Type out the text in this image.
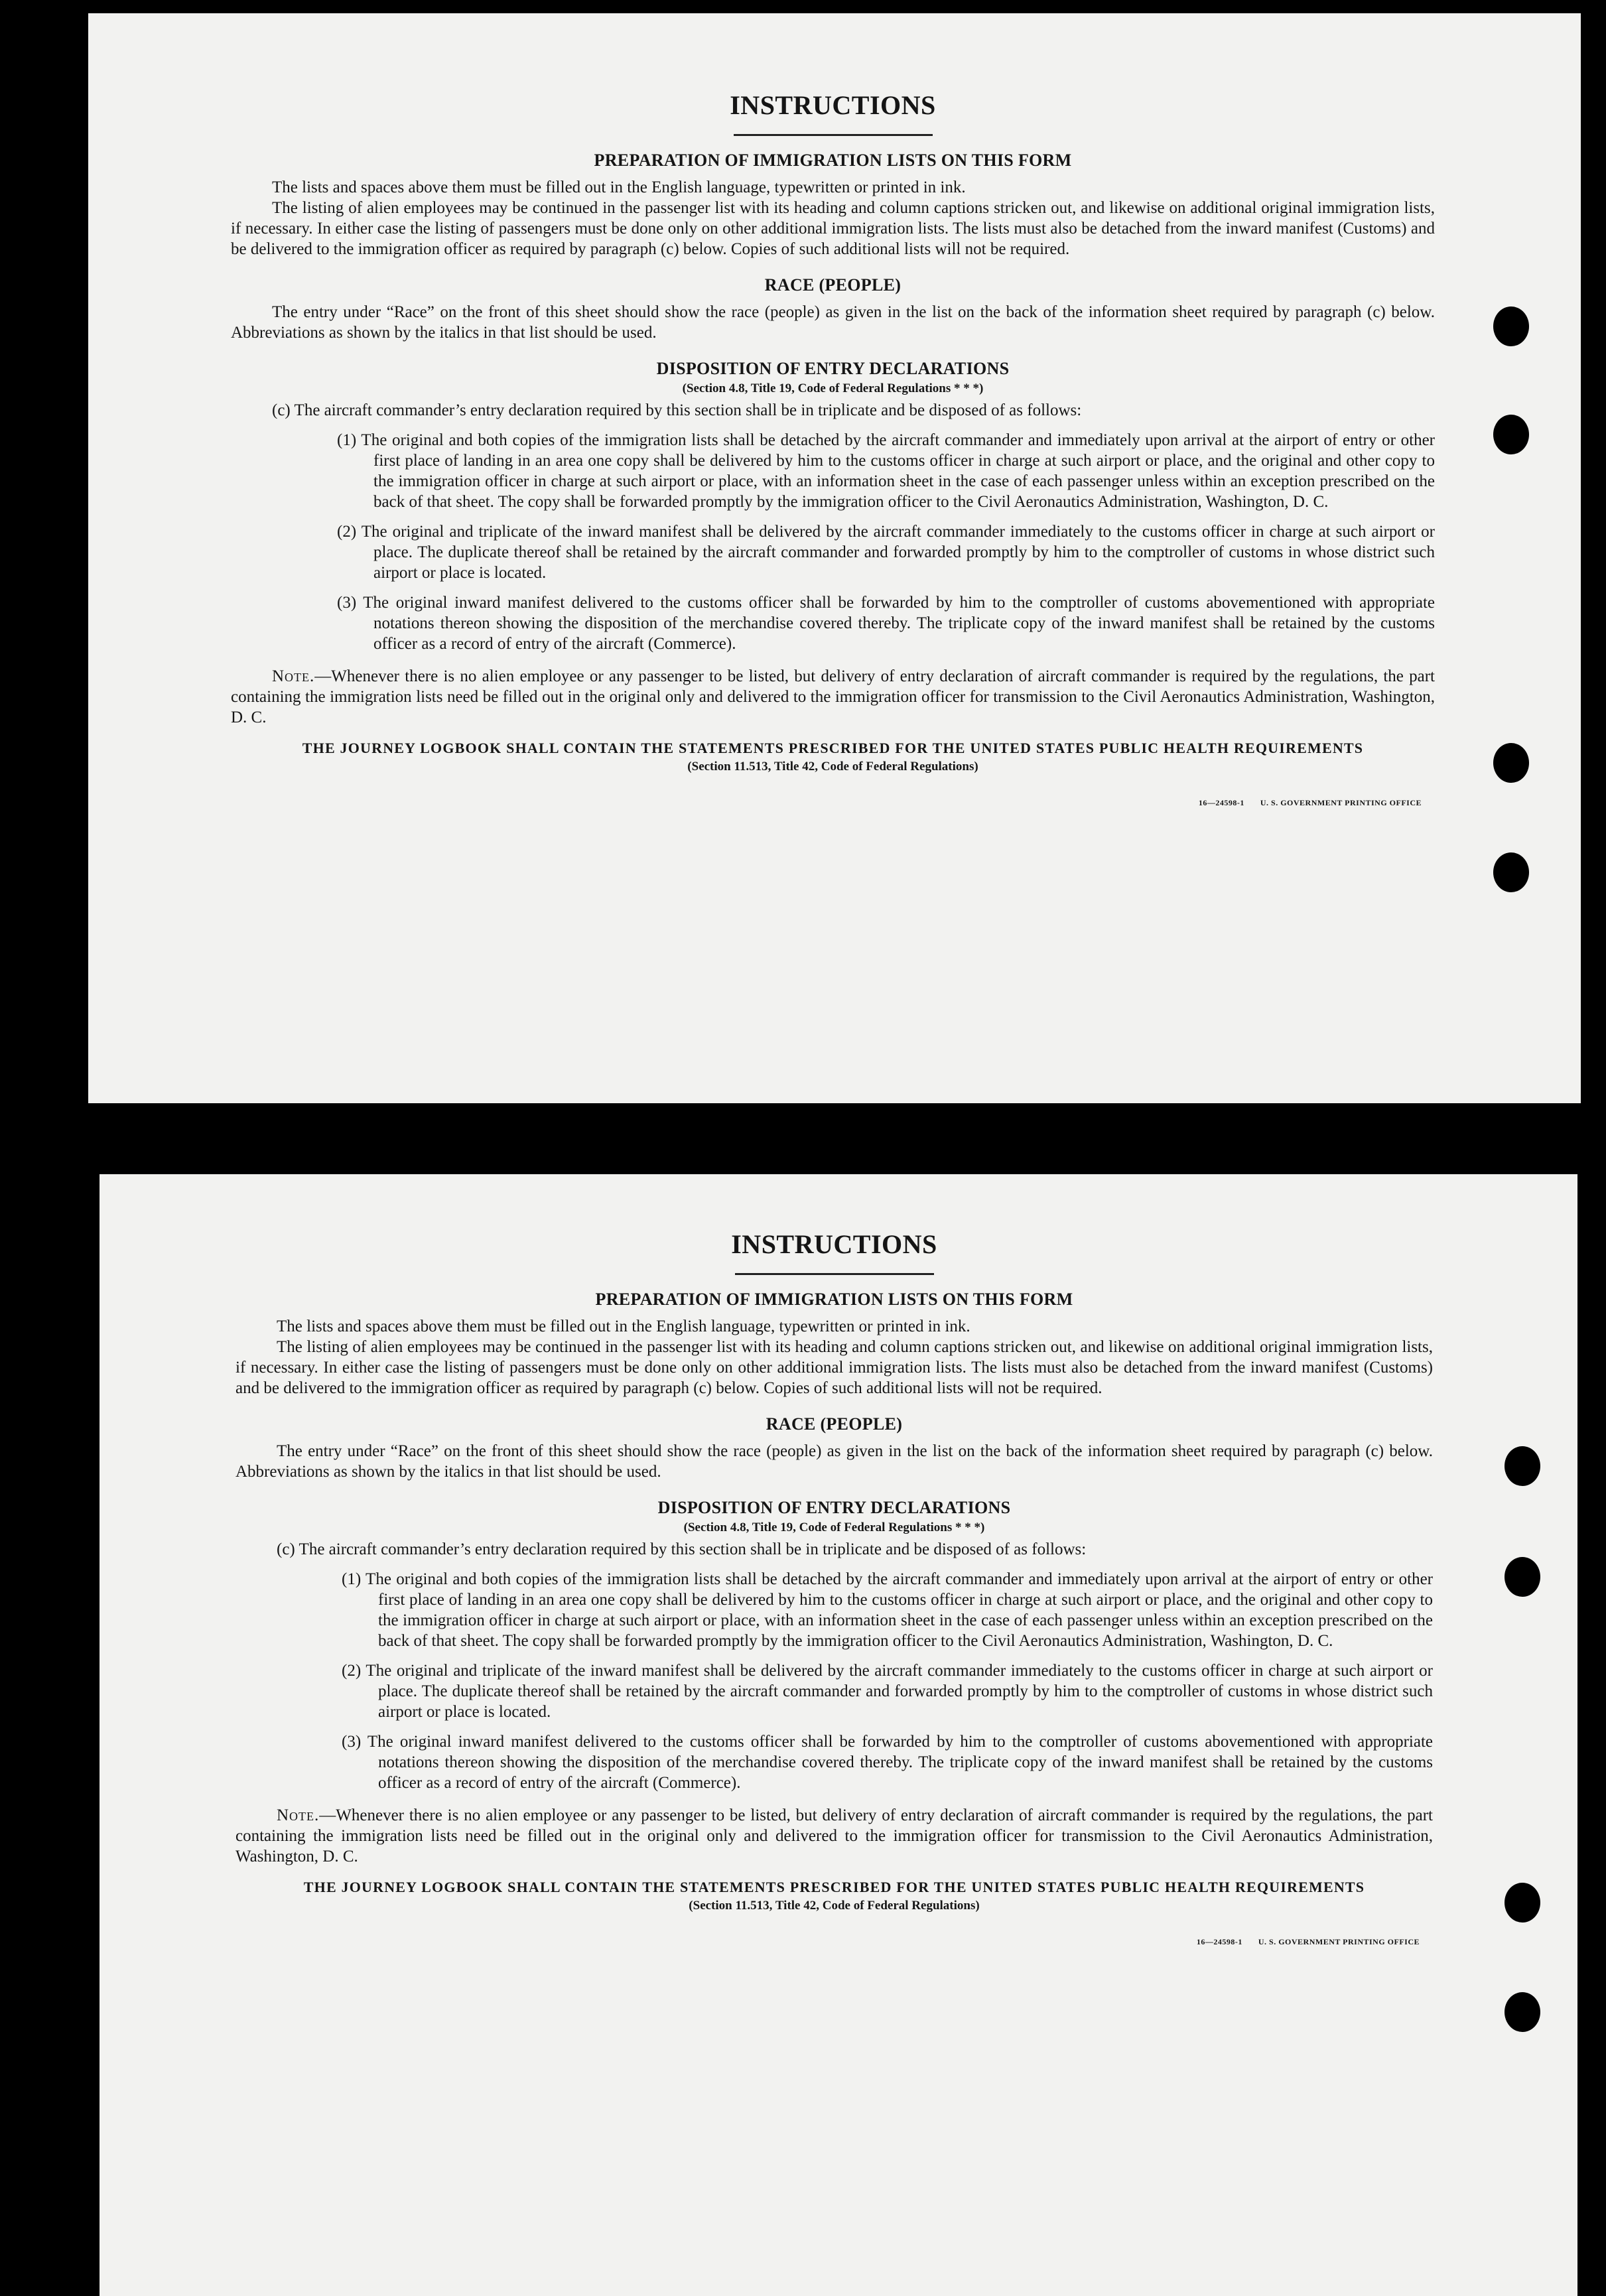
INSTRUCTIONS
PREPARATION OF IMMIGRATION LISTS ON THIS FORM

The lists and spaces above them must be filled out in the English language, typewritten or printed in ink.

The listing of alien employees may be continued in the passenger list with its heading and column captions stricken out, and likewise on additional original immigration lists, if necessary. In either case the listing of passengers must be done only on other additional immigration lists. The lists must also be detached from the inward manifest (Customs) and be delivered to the immigration officer as required by paragraph (c) below. Copies of such additional lists will not be required.

RACE (PEOPLE)

The entry under “Race” on the front of this sheet should show the race (people) as given in the list on the back of the information sheet required by paragraph (c) below. Abbreviations as shown by the italics in that list should be used.

DISPOSITION OF ENTRY DECLARATIONS
(Section 4.8, Title 19, Code of Federal Regulations * * *)

(c) The aircraft commander’s entry declaration required by this section shall be in triplicate and be disposed of as follows:

(1) The original and both copies of the immigration lists shall be detached by the aircraft commander and immediately upon arrival at the airport of entry or other first place of landing in an area one copy shall be delivered by him to the customs officer in charge at such airport or place, and the original and other copy to the immigration officer in charge at such airport or place, with an information sheet in the case of each passenger unless within an exception prescribed on the back of that sheet. The copy shall be forwarded promptly by the immigration officer to the Civil Aeronautics Administration, Washington, D. C.

(2) The original and triplicate of the inward manifest shall be delivered by the aircraft commander immediately to the customs officer in charge at such airport or place. The duplicate thereof shall be retained by the aircraft commander and forwarded promptly by him to the comptroller of customs in whose district such airport or place is located.

(3) The original inward manifest delivered to the customs officer shall be forwarded by him to the comptroller of customs abovementioned with appropriate notations thereon showing the disposition of the merchandise covered thereby. The triplicate copy of the inward manifest shall be retained by the customs officer as a record of entry of the aircraft (Commerce).

Note.—Whenever there is no alien employee or any passenger to be listed, but delivery of entry declaration of aircraft commander is required by the regulations, the part containing the immigration lists need be filled out in the original only and delivered to the immigration officer for transmission to the Civil Aeronautics Administration, Washington, D. C.

THE JOURNEY LOGBOOK SHALL CONTAIN THE STATEMENTS PRESCRIBED FOR THE UNITED STATES PUBLIC HEALTH REQUIREMENTS
(Section 11.513, Title 42, Code of Federal Regulations)
16—24598-1 U. S. GOVERNMENT PRINTING OFFICE
INSTRUCTIONS
PREPARATION OF IMMIGRATION LISTS ON THIS FORM

The lists and spaces above them must be filled out in the English language, typewritten or printed in ink.

The listing of alien employees may be continued in the passenger list with its heading and column captions stricken out, and likewise on additional original immigration lists, if necessary. In either case the listing of passengers must be done only on other additional immigration lists. The lists must also be detached from the inward manifest (Customs) and be delivered to the immigration officer as required by paragraph (c) below. Copies of such additional lists will not be required.

RACE (PEOPLE)

The entry under “Race” on the front of this sheet should show the race (people) as given in the list on the back of the information sheet required by paragraph (c) below. Abbreviations as shown by the italics in that list should be used.

DISPOSITION OF ENTRY DECLARATIONS
(Section 4.8, Title 19, Code of Federal Regulations * * *)

(c) The aircraft commander’s entry declaration required by this section shall be in triplicate and be disposed of as follows:

(1) The original and both copies of the immigration lists shall be detached by the aircraft commander and immediately upon arrival at the airport of entry or other first place of landing in an area one copy shall be delivered by him to the customs officer in charge at such airport or place, and the original and other copy to the immigration officer in charge at such airport or place, with an information sheet in the case of each passenger unless within an exception prescribed on the back of that sheet. The copy shall be forwarded promptly by the immigration officer to the Civil Aeronautics Administration, Washington, D. C.

(2) The original and triplicate of the inward manifest shall be delivered by the aircraft commander immediately to the customs officer in charge at such airport or place. The duplicate thereof shall be retained by the aircraft commander and forwarded promptly by him to the comptroller of customs in whose district such airport or place is located.

(3) The original inward manifest delivered to the customs officer shall be forwarded by him to the comptroller of customs abovementioned with appropriate notations thereon showing the disposition of the merchandise covered thereby. The triplicate copy of the inward manifest shall be retained by the customs officer as a record of entry of the aircraft (Commerce).

Note.—Whenever there is no alien employee or any passenger to be listed, but delivery of entry declaration of aircraft commander is required by the regulations, the part containing the immigration lists need be filled out in the original only and delivered to the immigration officer for transmission to the Civil Aeronautics Administration, Washington, D. C.

THE JOURNEY LOGBOOK SHALL CONTAIN THE STATEMENTS PRESCRIBED FOR THE UNITED STATES PUBLIC HEALTH REQUIREMENTS
(Section 11.513, Title 42, Code of Federal Regulations)
16—24598-1 U. S. GOVERNMENT PRINTING OFFICE
